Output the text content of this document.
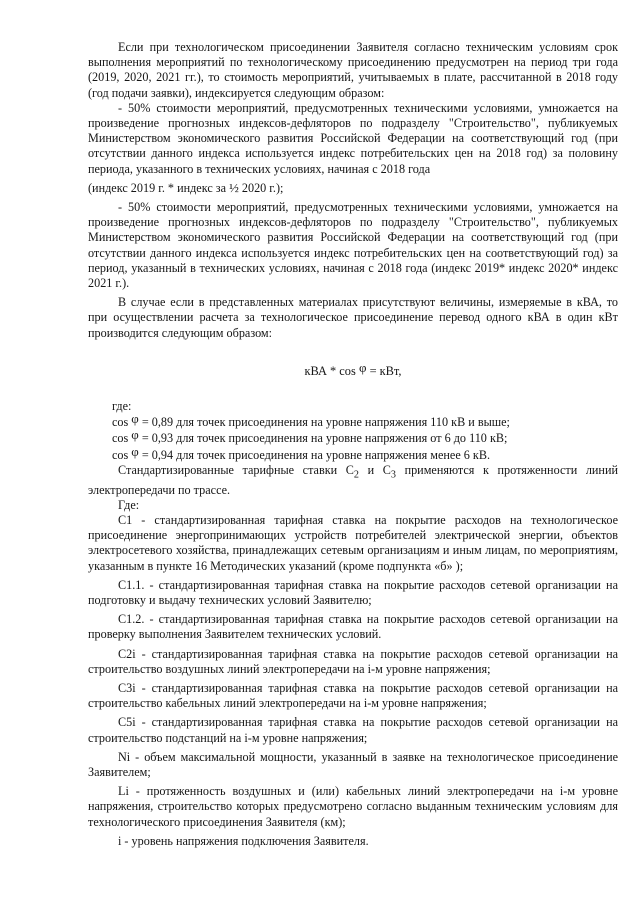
Если при технологическом присоединении Заявителя согласно техническим условиям срок выполнения мероприятий по технологическому присоединению предусмотрен на период три года (2019, 2020, 2021 гг.), то стоимость мероприятий, учитываемых в плате, рассчитанной в 2018 году (год подачи заявки), индексируется следующим образом:

- 50% стоимости мероприятий, предусмотренных техническими условиями, умножается на произведение прогнозных индексов-дефляторов по подразделу "Строительство", публикуемых Министерством экономического развития Российской Федерации на соответствующий год (при отсутствии данного индекса используется индекс потребительских цен на 2018 год) за половину периода, указанного в технических условиях, начиная с 2018 года

(индекс 2019 г. * индекс за ½ 2020 г.);

- 50% стоимости мероприятий, предусмотренных техническими условиями, умножается на произведение прогнозных индексов-дефляторов по подразделу "Строительство", публикуемых Министерством экономического развития Российской Федерации на соответствующий год (при отсутствии данного индекса используется индекс потребительских цен на соответствующий год) за период, указанный в технических условиях, начиная с 2018 года (индекс 2019* индекс 2020* индекс 2021 г.).

В случае если в представленных материалах присутствуют величины, измеряемые в кВА, то при осуществлении расчета за технологическое присоединение перевод одного кВА в один кВт производится следующим образом:

кВА * cos φ = кВт,

где:

cos φ = 0,89 для точек присоединения на уровне напряжения 110 кВ и выше;

cos φ = 0,93 для точек присоединения на уровне напряжения от 6 до 110 кВ;

cos φ = 0,94 для точек присоединения на уровне напряжения менее 6 кВ.

Стандартизированные тарифные ставки $C_2$ и $C_3$ применяются к протяженности линий электропередачи по трассе.

Где:

C1 - стандартизированная тарифная ставка на покрытие расходов на технологическое присоединение энергопринимающих устройств потребителей электрической энергии, объектов электросетевого хозяйства, принадлежащих сетевым организациям и иным лицам, по мероприятиям, указанным в пункте 16 Методических указаний (кроме подпункта «б» );

C1.1. - стандартизированная тарифная ставка на покрытие расходов сетевой организации на подготовку и выдачу технических условий Заявителю;

C1.2. - стандартизированная тарифная ставка на покрытие расходов сетевой организации на проверку выполнения Заявителем технических условий.

C2i - стандартизированная тарифная ставка на покрытие расходов сетевой организации на строительство воздушных линий электропередачи на i-м уровне напряжения;

C3i - стандартизированная тарифная ставка на покрытие расходов сетевой организации на строительство кабельных линий электропередачи на i-м уровне напряжения;

C5i - стандартизированная тарифная ставка на покрытие расходов сетевой организации на строительство подстанций на i-м уровне напряжения;

Ni - объем максимальной мощности, указанный в заявке на технологическое присоединение Заявителем;

Li - протяженность воздушных и (или) кабельных линий электропередачи на i-м уровне напряжения, строительство которых предусмотрено согласно выданным техническим условиям для технологического присоединения Заявителя (км);

i - уровень напряжения подключения Заявителя.
